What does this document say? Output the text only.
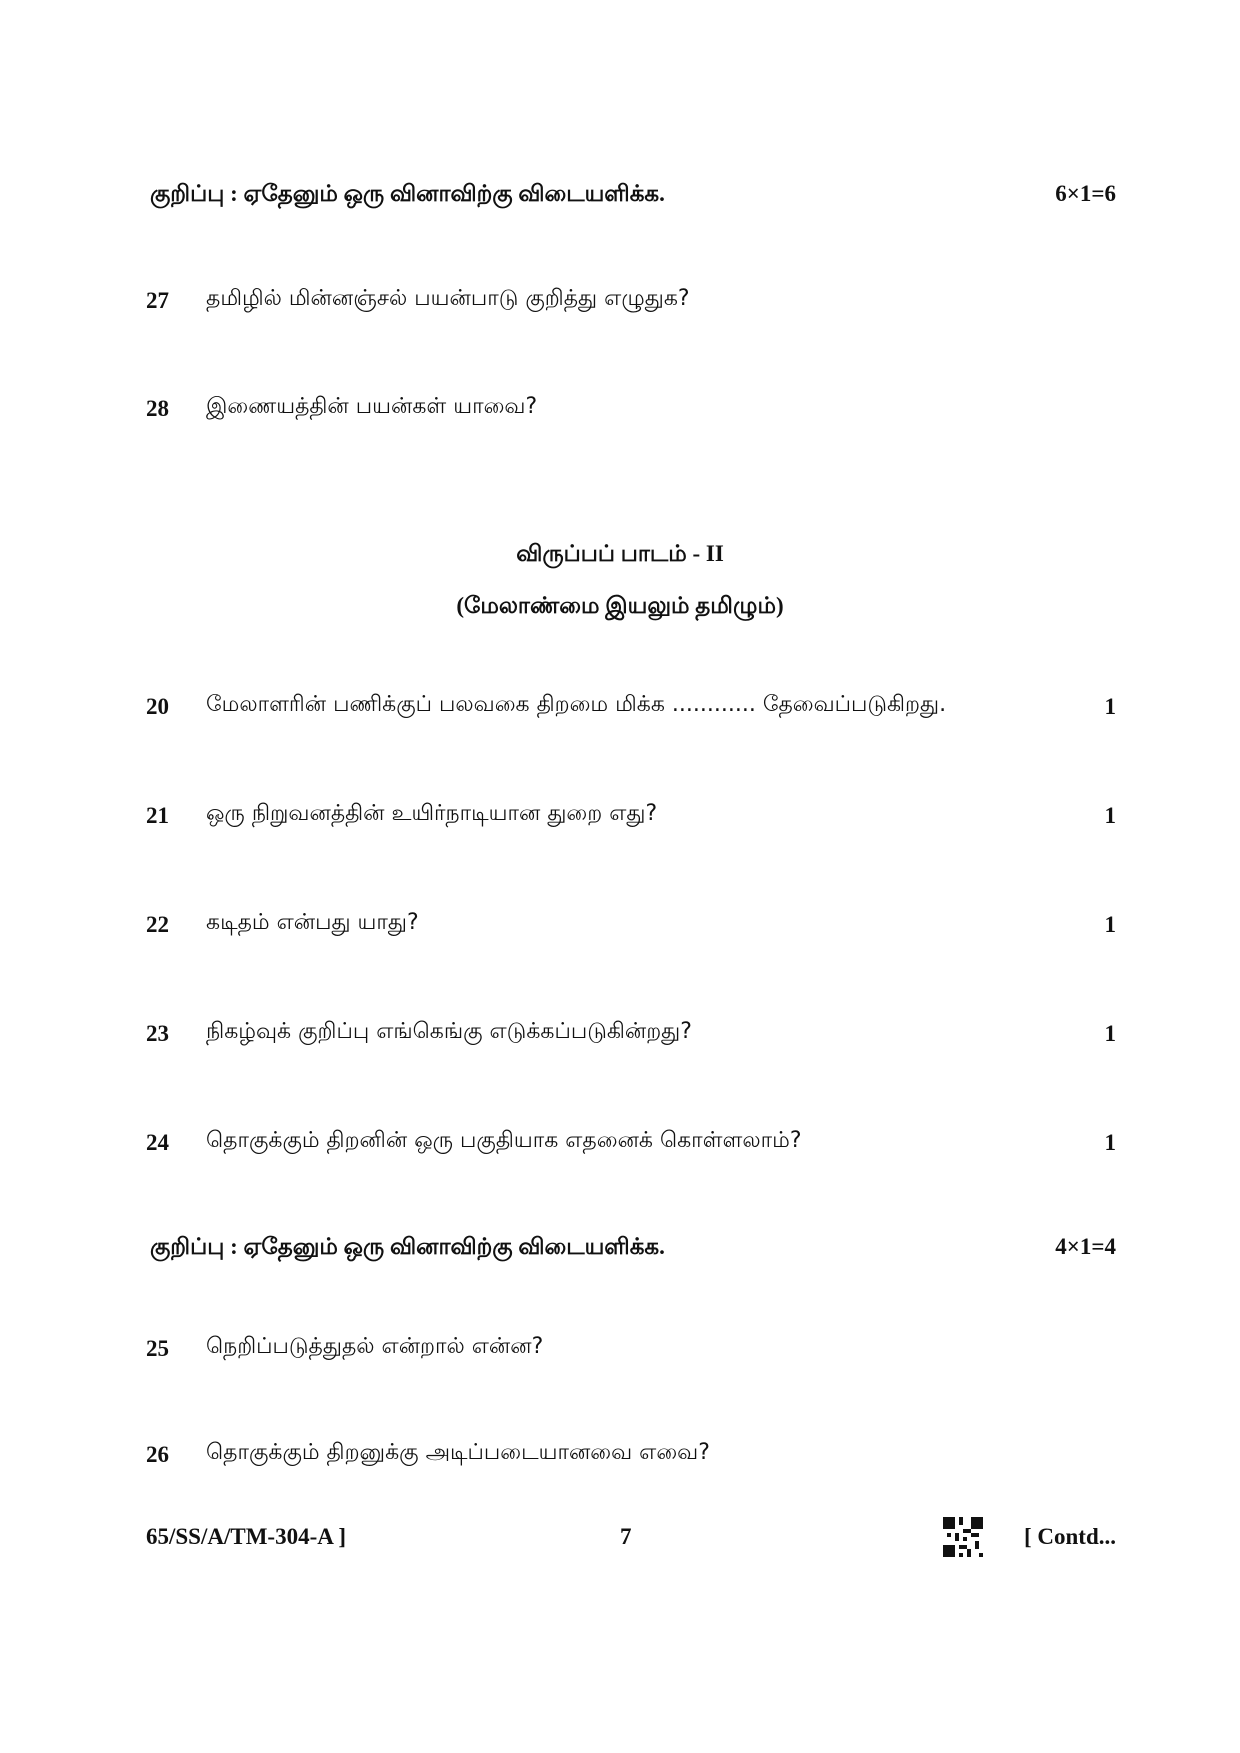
குறிப்பு : ஏதேனும் ஒரு வினாவிற்கு விடையளிக்க.	6×1=6
27 தமிழில் மின்னஞ்சல் பயன்பாடு குறித்து எழுதுக?
28 இணையத்தின் பயன்கள் யாவை?
விருப்பப் பாடம் - II
(மேலாண்மை இயலும் தமிழும்)
20 மேலாளரின் பணிக்குப் பலவகை திறமை மிக்க ............ தேவைப்படுகிறது.	1
21 ஒரு நிறுவனத்தின் உயிர்நாடியான துறை எது?	1
22 கடிதம் என்பது யாது?	1
23 நிகழ்வுக் குறிப்பு எங்கெங்கு எடுக்கப்படுகின்றது?	1
24 தொகுக்கும் திறனின் ஒரு பகுதியாக எதனைக் கொள்ளலாம்?	1
குறிப்பு : ஏதேனும் ஒரு வினாவிற்கு விடையளிக்க.	4×1=4
25 நெறிப்படுத்துதல் என்றால் என்ன?
26 தொகுக்கும் திறனுக்கு அடிப்படையானவை எவை?
65/SS/A/TM-304-A ]	7	[ Contd...
